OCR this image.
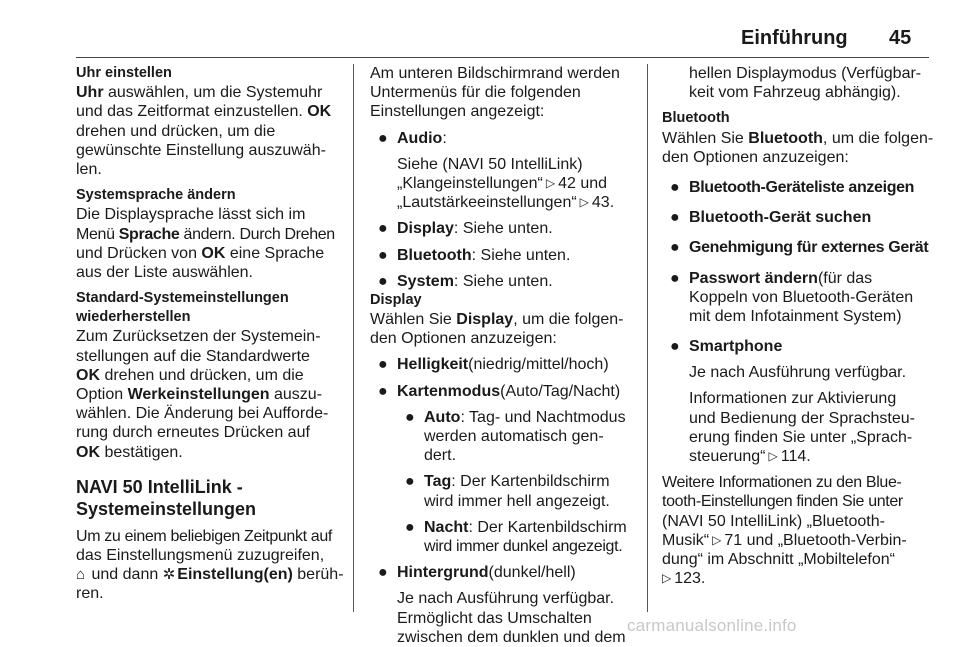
Einführung 45
Uhr einstellen
Uhr auswählen, um die Systemuhr
und das Zeitformat einzustellen. OK
drehen und drücken, um die
gewünschte Einstellung auszuwäh-
len.
Systemsprache ändern
Die Displaysprache lässt sich im
Menü Sprache ändern. Durch Drehen
und Drücken von OK eine Sprache
aus der Liste auswählen.
Standard-Systemeinstellungen
wiederherstellen
Zum Zurücksetzen der Systemein-
stellungen auf die Standardwerte
OK drehen und drücken, um die
Option Werkeinstellungen auszu-
wählen. Die Änderung bei Aufforde-
rung durch erneutes Drücken auf
OK bestätigen.
NAVI 50 IntelliLink -
Systemeinstellungen
Um zu einem beliebigen Zeitpunkt auf
das Einstellungsmenü zuzugreifen,
⌂ und dann ✲ Einstellung(en) berüh-
ren.
Am unteren Bildschirmrand werden
Untermenüs für die folgenden
Einstellungen angezeigt:
● Audio :
Siehe (NAVI 50 IntelliLink)
„Klangeinstellungen“ ▷ 42 und
„Lautstärkeeinstellungen“ ▷ 43.
● Display : Siehe unten.
● Bluetooth : Siehe unten.
● System : Siehe unten.
Display
Wählen Sie Display, um die folgen-
den Optionen anzuzeigen:
● Helligkeit (niedrig/mittel/hoch)
● Kartenmodus (Auto/Tag/Nacht)
● Auto : Tag- und Nachtmodus
werden automatisch gen-
dert.
● Tag : Der Kartenbildschirm
wird immer hell angezeigt.
● Nacht : Der Kartenbildschirm
wird immer dunkel angezeigt.
● Hintergrund (dunkel/hell)
Je nach Ausführung verfügbar.
Ermöglicht das Umschalten
zwischen dem dunklen und dem
hellen Displaymodus (Verfügbar-
keit vom Fahrzeug abhängig).
Bluetooth
Wählen Sie Bluetooth, um die folgen-
den Optionen anzuzeigen:
● Bluetooth-Geräteliste anzeigen
● Bluetooth-Gerät suchen
● Genehmigung für externes Gerät
● Passwort ändern (für das
Koppeln von Bluetooth-Geräten
mit dem Infotainment System)
● Smartphone
Je nach Ausführung verfügbar.
Informationen zur Aktivierung
und Bedienung der Sprachsteu-
erung finden Sie unter „Sprach-
steuerung“ ▷ 114.
Weitere Informationen zu den Blue-
tooth-Einstellungen finden Sie unter
(NAVI 50 IntelliLink) „Bluetooth-
Musik“ ▷ 71 und „Bluetooth-Verbin-
dung“ im Abschnitt „Mobiltelefon“
▷ 123.
carmanualsonline.info
